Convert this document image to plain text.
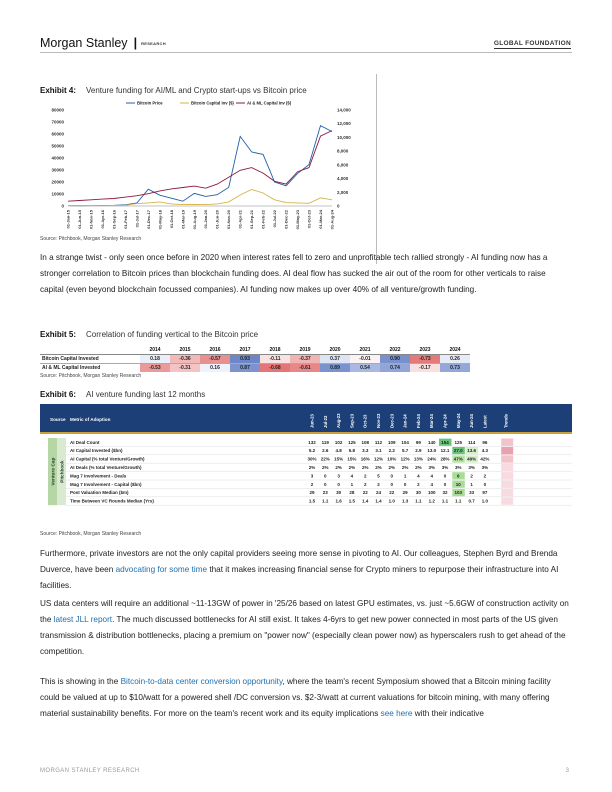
Morgan Stanley | RESEARCH	GLOBAL FOUNDATION
Exhibit 4: Venture funding for AI/ML and Crypto start-ups vs Bitcoin price
0
10000
20000
30000
40000
50000
60000
70000
80000
0
2,000
4,000
6,000
8,000
10,000
12,000
14,000
01-Jan-15 01-Jun-15 01-Nov-15 01-Apr-16 01-Sep-16 01-Feb-17 01-Jul-17 01-Dec-17 01-May-18 01-Oct-18 01-Mar-19 01-Aug-19 01-Jan-20 01-Jun-20 01-Nov-20 01-Apr-21 01-Sep-21 01-Feb-22 01-Jul-22 01-Dec-22 01-May-23 01-Oct-23 01-Mar-24 01-Aug-24
Bitcoin Price	Bitcoin Capital Inv ($)	AI & ML Capital Inv ($)
Source: Pitchbook, Morgan Stanley Research
In a strange twist - only seen once before in 2020 when interest rates fell to zero and unprofitable tech rallied strongly - AI funding now has a stronger correlation to Bitcoin prices than blockchain funding does. AI deal flow has sucked the air out of the room for other verticals to raise capital (even beyond blockchain focussed companies). AI funding now makes up over 40% of all venture/growth funding.
Exhibit 5: Correlation of funding vertical to the Bitcoin price
	2014	2015	2016	2017	2018	2019	2020	2021	2022	2023	2024
Bitcoin Capital Invested	0.18	-0.36	-0.57	0.93	-0.11	-0.37	0.37	-0.01	0.90	-0.73	0.26
AI & ML Capital Invested	-0.53	-0.31	0.16	0.87	-0.68	-0.61	0.89	0.54	0.74	-0.17	0.73
Source: Pitchbook, Morgan Stanley Research
Exhibit 6: AI venture funding last 12 months
Source Metric of Adoption	Jun-23 Jul-23 Aug-23 Sep-23 Oct-23 Nov-23 Dec-23 Jan-24 Feb-24 Mar-24 Apr-24 May-24 Jun-24 Latest	Trends
Venture Cap Pitchbook
AI Deal Count	132 119 102 125 108 112 109 104 99 140 154 125 114 96
AI Capital Invested ($bn)	5.2 2.6 4.8 5.8 3.3 3.1 2.2 5.7 2.9 13.0 12.1 27.0 13.6 4.3
AI Capital (% total Venture/Growth)	30% 22% 15% 15% 16% 12% 10% 12% 13% 24% 28% 47% 49% 42%
AI Deals (% total Venture/Growth)	2% 2% 2% 2% 2% 2% 2% 2% 2% 3% 3% 3% 3% 3%
Mag 7 Involvement - Deals	3 0 3 4 2 5 0 1 4 4 0 6 2 2
Mag 7 Involvement - Capital ($bn)	2 0 0 1 2 2 0 0 2 4 0 10 1 0
Post Valuation Median ($m)	29 23 30 28 22 24 22 29 30 100 32 103 33 97
Time Between VC Rounds Median (Yrs)	1.5 1.1 1.6 1.5 1.4 1.4 1.0 1.3 1.1 1.2 1.1 1.1 0.7 1.0
Source: Pitchbook, Morgan Stanley Research
Furthermore, private investors are not the only capital providers seeing more sense in pivoting to AI. Our colleagues, Stephen Byrd and Brenda Duverce, have been advocating for some time that it makes increasing financial sense for Crypto miners to repurpose their infrastructure into AI facilities.
US data centers will require an additional ~11-13GW of power in '25/26 based on latest GPU estimates, vs. just ~5.6GW of construction activity on the latest JLL report. The much discussed bottlenecks for AI still exist. It takes 4-6yrs to get new power connected in most parts of the US given transmission & distribution bottlenecks, placing a premium on "power now" (especially clean power now) as hyperscalers rush to get ahead of the competition.
This is showing in the Bitcoin-to-data center conversion opportunity, where the team's recent Symposium showed that a Bitcoin mining facility could be valued at up to $10/watt for a powered shell /DC conversion vs. $2-3/watt at current valuations for bitcoin mining, with many offering material sustainability benefits. For more on the team's recent work and its equity implications see here with their indicative
MORGAN STANLEY RESEARCH	3
